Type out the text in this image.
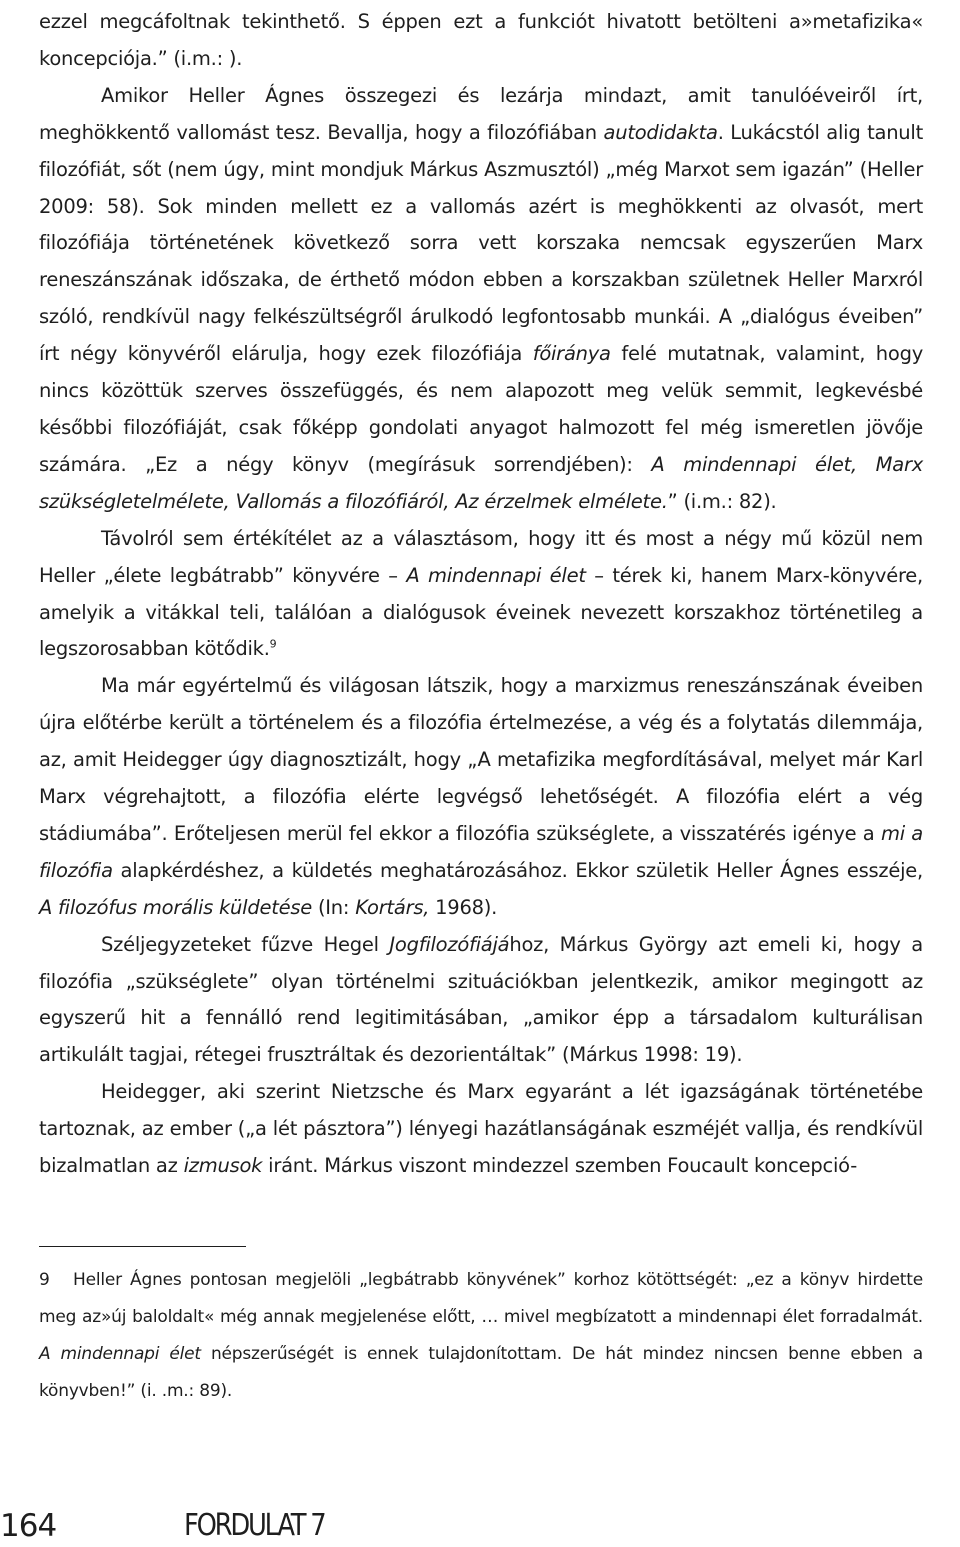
ezzel megcáfoltnak tekinthető. S éppen ezt a funkciót hivatott betölteni a»metafizika« koncepciója.” (i.m.: ).

Amikor Heller Ágnes összegezi és lezárja mindazt, amit tanulóéveiről írt, meghökkentő vallomást tesz. Bevallja, hogy a filozófiában autodidakta. Lukácstól alig tanult filozófiát, sőt (nem úgy, mint mondjuk Márkus Aszmusztól) „még Marxot sem igazán” (Heller 2009: 58). Sok minden mellett ez a vallomás azért is meghökkenti az olvasót, mert filozófiája történetének következő sorra vett korszaka nemcsak egyszerűen Marx reneszánszának időszaka, de érthető módon ebben a korszakban születnek Heller Marxról szóló, rendkívül nagy felkészültségről árulkodó legfontosabb munkái. A „dialógus éveiben” írt négy könyvéről elárulja, hogy ezek filozófiája főiránya felé mutatnak, valamint, hogy nincs közöttük szerves összefüggés, és nem alapozott meg velük semmit, legkevésbé későbbi filozófiáját, csak főképp gondolati anyagot halmozott fel még ismeretlen jövője számára. „Ez a négy könyv (megírásuk sorrendjében): A mindennapi élet, Marx szükségletelmélete, Vallomás a filozófiáról, Az érzelmek elmélete.” (i.m.: 82).

Távolról sem értékítélet az a választásom, hogy itt és most a négy mű közül nem Heller „élete legbátrabb” könyvére – A mindennapi élet – térek ki, hanem Marx-könyvére, amelyik a vitákkal teli, találóan a dialógusok éveinek nevezett korszakhoz történetileg a legszorosabban kötődik.$^9$

Ma már egyértelmű és világosan látszik, hogy a marxizmus reneszánszának éveiben újra előtérbe került a történelem és a filozófia értelmezése, a vég és a folytatás dilemmája, az, amit Heidegger úgy diagnosztizált, hogy „A metafizika megfordításával, melyet már Karl Marx végrehajtott, a filozófia elérte legvégső lehetőségét. A filozófia elért a vég stádiumába”. Erőteljesen merül fel ekkor a filozófia szükséglete, a visszatérés igénye a mi a filozófia alapkérdéshez, a küldetés meghatározásához. Ekkor születik Heller Ágnes esszéje, A filozófus morális küldetése (In: Kortárs, 1968).

Széljegyzeteket fűzve Hegel Jogfilozófiájához, Márkus György azt emeli ki, hogy a filozófia „szükséglete” olyan történelmi szituációkban jelentkezik, amikor megingott az egyszerű hit a fennálló rend legitimitásában, „amikor épp a társadalom kulturálisan artikulált tagjai, rétegei frusztráltak és dezorientáltak” (Márkus 1998: 19).

Heidegger, aki szerint Nietzsche és Marx egyaránt a lét igazságának történetébe tartoznak, az ember („a lét pásztora”) lényegi hazátlanságának eszméjét vallja, és rendkívül bizalmatlan az izmusok iránt. Márkus viszont mindezzel szemben Foucault koncepció-

9 Heller Ágnes pontosan megjelöli „legbátrabb könyvének” korhoz kötöttségét: „ez a könyv hirdette meg az»új baloldalt« még annak megjelenése előtt, … mivel megbízatott a mindennapi élet forradalmát. A mindennapi élet népszerűségét is ennek tulajdonítottam. De hát mindez nincsen benne ebben a könyvben!” (i. .m.: 89).

164	FORDULAT 7
